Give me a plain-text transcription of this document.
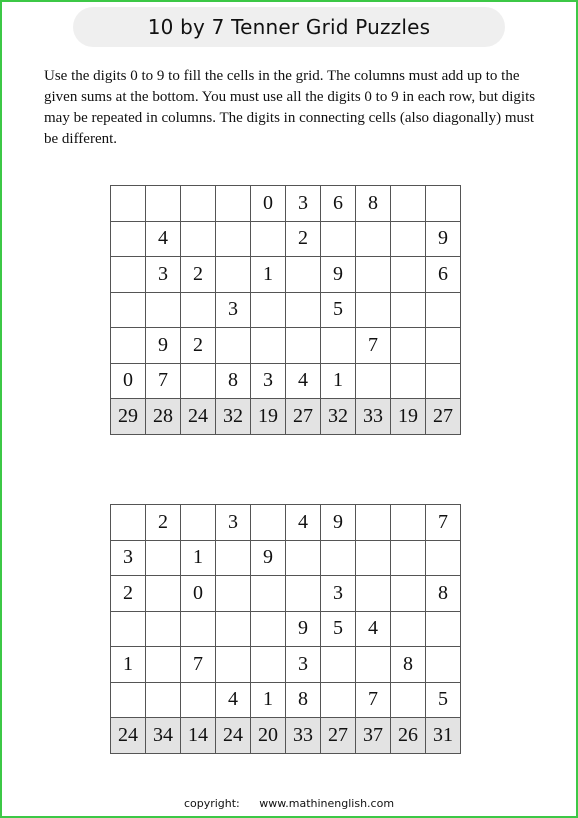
10 by 7 Tenner Grid Puzzles

Use the digits 0 to 9 to fill the cells in the grid. The columns must add up to the given sums at the bottom. You must use all the digits 0 to 9 in each row, but digits may be repeated in columns. The digits in connecting cells (also diagonally) must be different.

				0	3	6	8		
	4				2				9
	3	2		1		9			6
			3			5			
	9	2					7		
0	7		8	3	4	1			
29	28	24	32	19	27	32	33	19	27
	2		3		4	9			7
3		1		9					
2		0				3			8
					9	5	4		
1		7			3			8	
			4	1	8		7		5
24	34	14	24	20	33	27	37	26	31
copyright: www.mathinenglish.com
